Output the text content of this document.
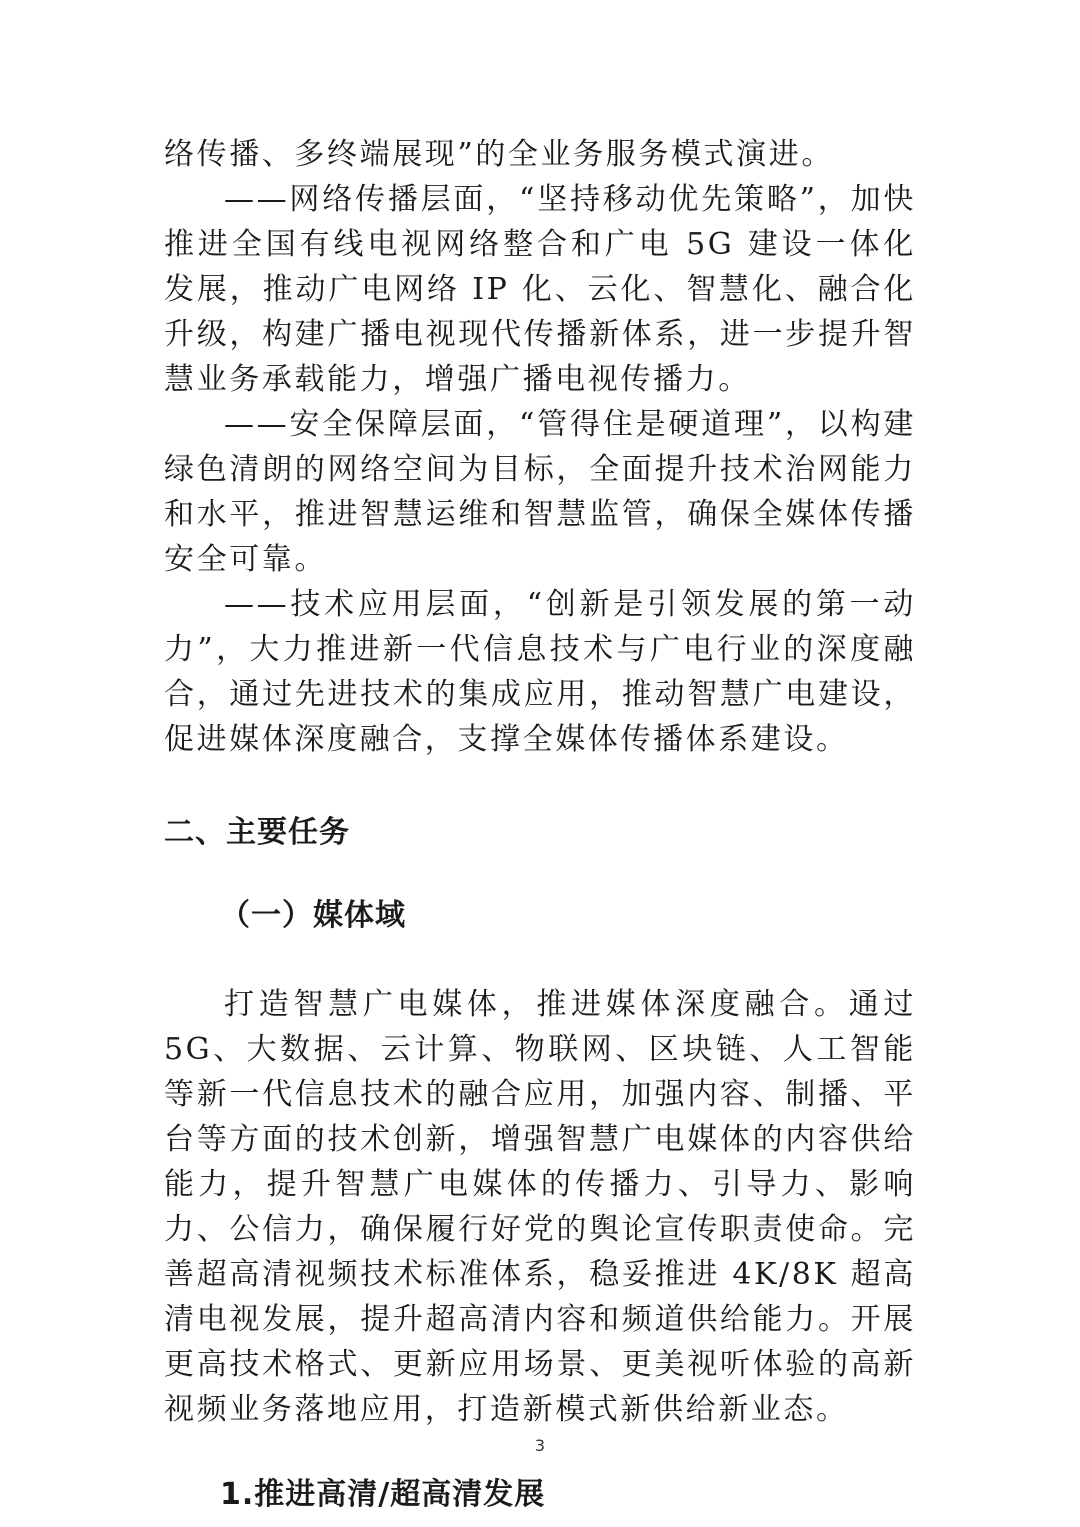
络传播、多终端展现”的全业务服务模式演进。

——网络传播层面，“坚持移动优先策略”，加快推进全国有线电视网络整合和广电 5G 建设一体化发展，推动广电网络 IP 化、云化、智慧化、融合化升级，构建广播电视现代传播新体系，进一步提升智慧业务承载能力，增强广播电视传播力。

——安全保障层面，“管得住是硬道理”，以构建绿色清朗的网络空间为目标，全面提升技术治网能力和水平，推进智慧运维和智慧监管，确保全媒体传播安全可靠。

——技术应用层面，“创新是引领发展的第一动力”，大力推进新一代信息技术与广电行业的深度融合，通过先进技术的集成应用，推动智慧广电建设，促进媒体深度融合，支撑全媒体传播体系建设。

二、主要任务
（一）媒体域

打造智慧广电媒体，推进媒体深度融合。通过 5G、大数据、云计算、物联网、区块链、人工智能等新一代信息技术的融合应用，加强内容、制播、平台等方面的技术创新，增强智慧广电媒体的内容供给能力，提升智慧广电媒体的传播力、引导力、影响力、公信力，确保履行好党的舆论宣传职责使命。完善超高清视频技术标准体系，稳妥推进 4K/8K 超高清电视发展，提升超高清内容和频道供给能力。开展更高技术格式、更新应用场景、更美视听体验的高新视频业务落地应用，打造新模式新供给新业态。

1.推进高清/超高清发展
3
